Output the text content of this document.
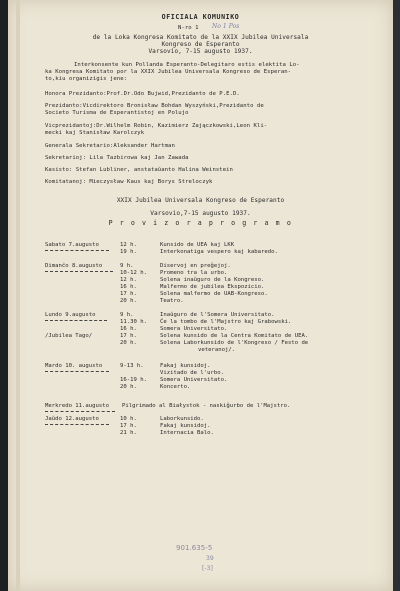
OFICIALA KOMUNIKO
N-ro 1 No 1 Pos
de la Loka Kongresa Komitato de la XXIX Jubilea Universala
Kongreso de Esperanto
Varsovio, 7-15 augusto 1937.
Interkonsente kun Pollanda Esperanto-Delegitaro estis elektita Lo-
ka Kongresa Komitato por la XXIX Jubilea Universala Kongreso de Esperan-
to,kiu organizigis jene:
Honora Prezidanto:Prof.Dr.Odo Bujwid,Prezidanto de P.E.D.
Prezidanto:Vicdirektoro Bronisław Bohdan Wyszyński,Prezidanto de
Societo Turisma de Esperantistoj en Polujo
Vicprezidantoj:Dr.Wilhelm Robin, Kazimierz Zajączkowski,Leon Kli-
mecki kaj Stanisław Karolczyk
Generala Sekretario:Aleksander Hartman
Sekretarioj: Lila Tazbirowa kaj Jan Zawada
Kasisto: Stefan Lubliner, anstataŭanto Halina Weinstein
Komitatanoj: Mieczysław Kaus kaj Borys Streloczyk
XXIX Jubilea Universala Kongreso de Esperanto
Varsovio,7-15 augusto 1937.
P r o v i z o r a p r o g r a m o
Sabato 7.augusto	12 h.	Kunsido de UEA kaj LKK
19 h.	Interkonatiga vespero kaj kabaredo.
Dimanĉo 8.augusto	9 h.	Diservoj en preĝejoj.
10-12 h. Promeno tra la urbo.
12 h.	Solena inaŭguro de la Kongreso.
16 h.	Malfermo de jubilea Ekspozicio.
17 h.	Solena malfermo de UAB-Kongreso.
20 h.	Teatro.
Lundo 9.augusto
/Jubilea Tago/
9 h.	Inaŭguro de l'Somera Universitato.
11.30 h. Ĉe la tombo de l'Majstro kaj Grabowski.
16 h.	Somera Universitato.
17 h.	Solena kunsido de la Centra Komitato de UEA.
20 h.	Solena Laborkunsido de l'Kongreso / Festo de
veteranoj/.
Mardo 10. augusto	9-13 h.	Fakaj kunsidoj.
Vizitado de l'urbo.
16-19 h. Somera Universitato.
20 h.	Koncerto.
Merkredo 11.augusto Pilgrimado al Białystok - naskiĝurbo de l'Majstro.
Jaŭdo 12.augusto	10 h.	Laborkunsido.
17 h.	Fakaj kunsidoj.
21 h.	Internacia Balo.
901.635-5
39
[-3]
